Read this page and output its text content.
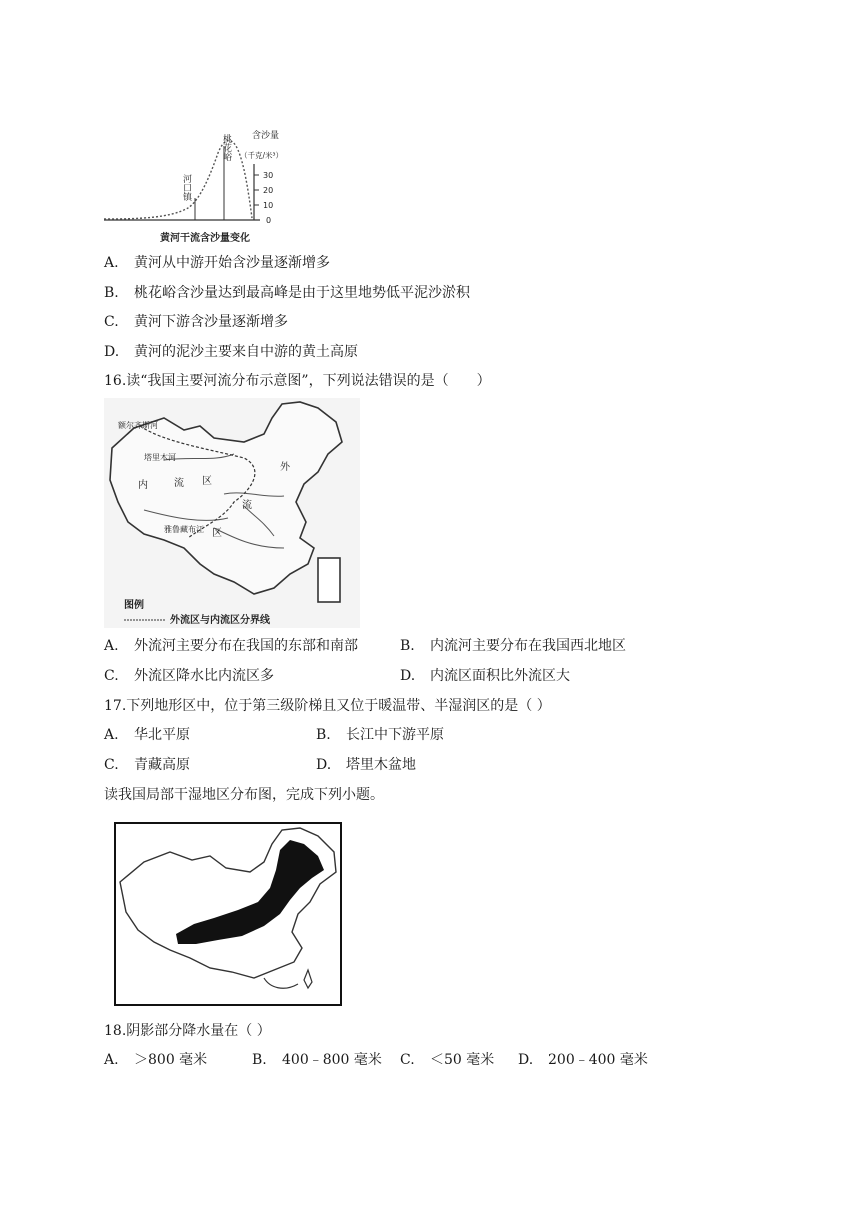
含沙量
（千克/米³）
30
20
10
0
河口镇
桃花峪
黄河干流含沙量变化
A. 黄河从中游开始含沙量逐渐增多
B. 桃花峪含沙量达到最高峰是由于这里地势低平泥沙淤积
C. 黄河下游含沙量逐渐增多
D. 黄河的泥沙主要来自中游的黄土高原
16.读“我国主要河流分布示意图”，下列说法错误的是（　　）
额尔齐斯河
塔里木河
雅鲁藏布江
内	流 区
外
流
区
图例
外流区与内流区分界线
A. 外流河主要分布在我国的东部和南部	B. 内流河主要分布在我国西北地区
C. 外流区降水比内流区多	D. 内流区面积比外流区大
17.下列地形区中，位于第三级阶梯且又位于暖温带、半湿润区的是（ ）
A. 华北平原	B. 长江中下游平原
C. 青藏高原	D. 塔里木盆地
读我国局部干湿地区分布图，完成下列小题。
18.阴影部分降水量在（ ）
A. ＞800 毫米	B. 400﹣800 毫米 C. ＜50 毫米 D. 200﹣400 毫米
